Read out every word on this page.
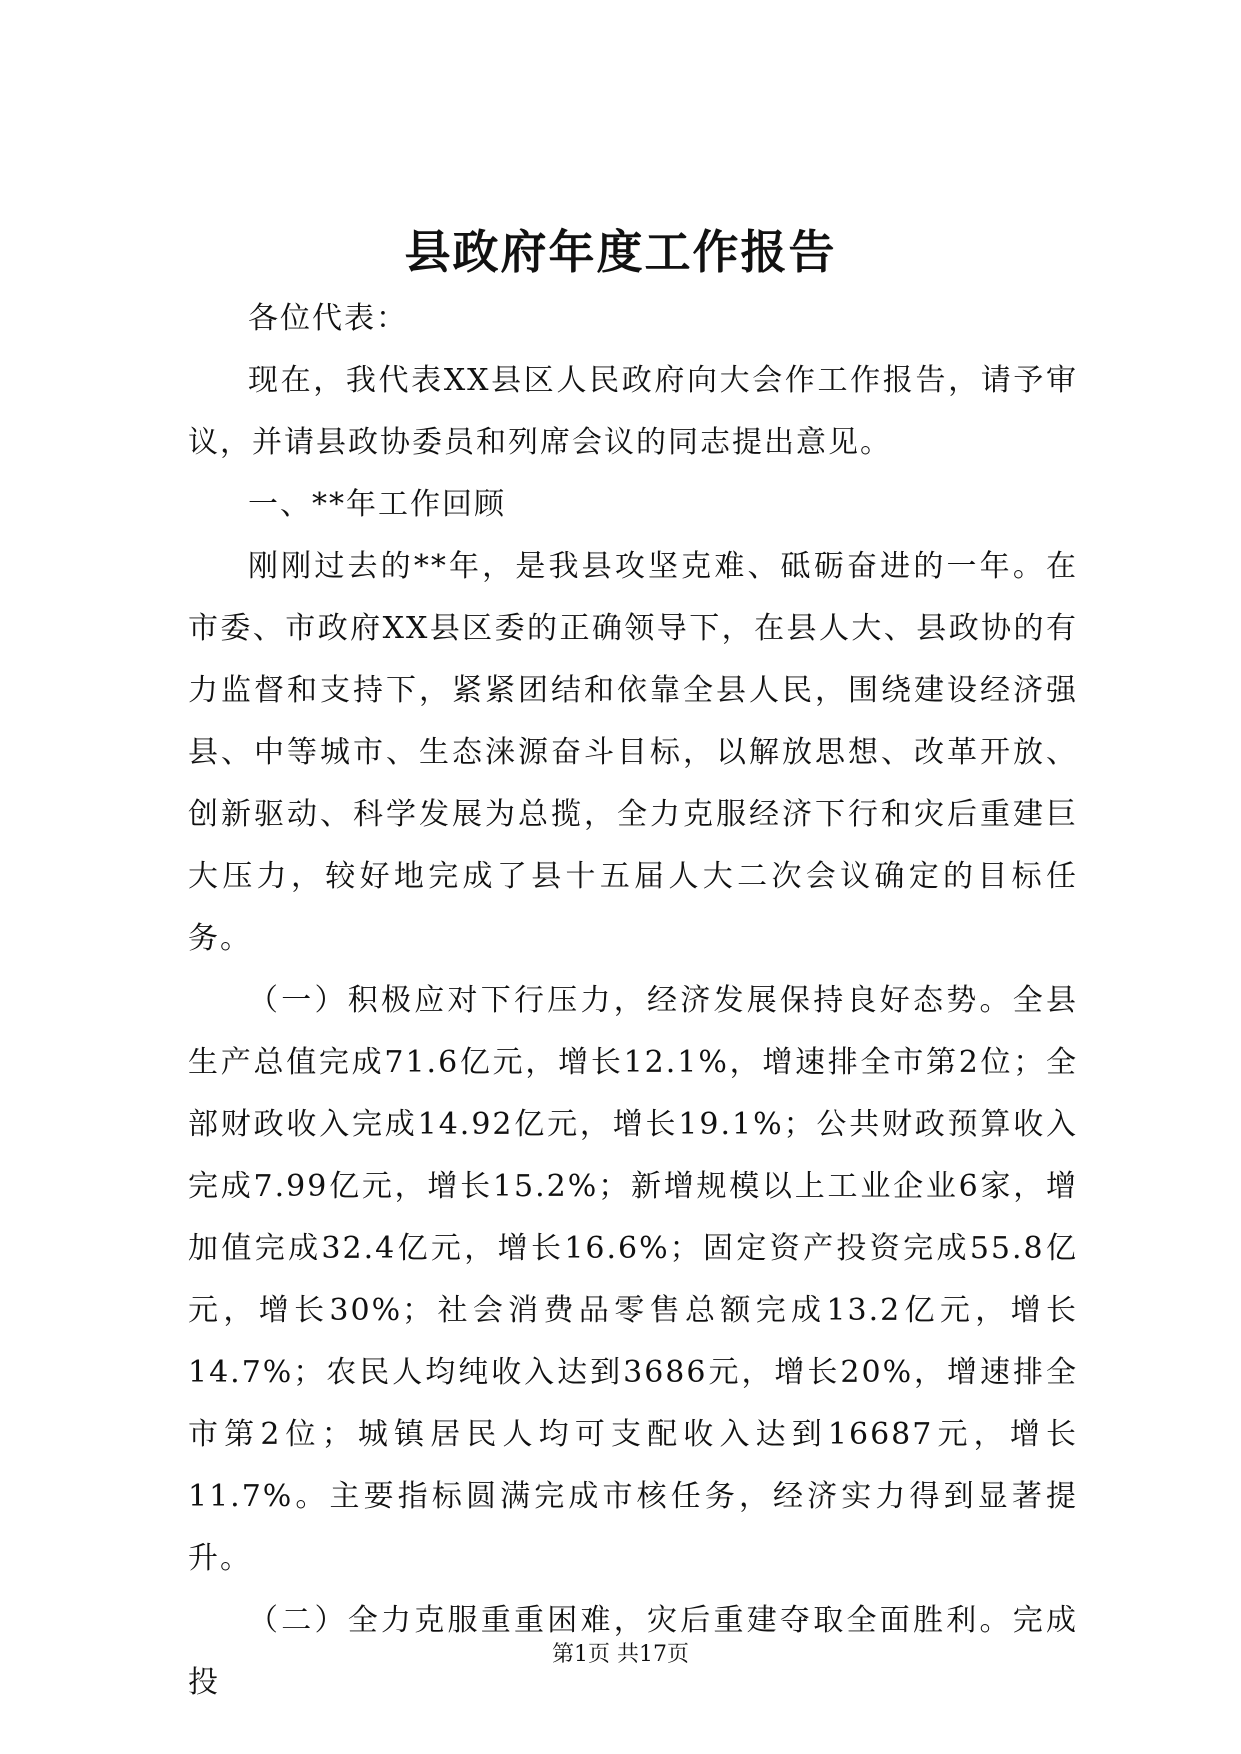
县政府年度工作报告

各位代表：

现在，我代表XX县区人民政府向大会作工作报告，请予审议，并请县政协委员和列席会议的同志提出意见。

一、**年工作回顾

刚刚过去的**年，是我县攻坚克难、砥砺奋进的一年。在市委、市政府XX县区委的正确领导下，在县人大、县政协的有力监督和支持下，紧紧团结和依靠全县人民，围绕建设经济强县、中等城市、生态涞源奋斗目标，以解放思想、改革开放、创新驱动、科学发展为总揽，全力克服经济下行和灾后重建巨大压力，较好地完成了县十五届人大二次会议确定的目标任务。

（一）积极应对下行压力，经济发展保持良好态势。全县生产总值完成71.6亿元，增长12.1%，增速排全市第2位；全部财政收入完成14.92亿元，增长19.1%；公共财政预算收入完成7.99亿元，增长15.2%；新增规模以上工业企业6家，增加值完成32.4亿元，增长16.6%；固定资产投资完成55.8亿元，增长30%；社会消费品零售总额完成13.2亿元，增长14.7%；农民人均纯收入达到3686元，增长20%，增速排全市第2位；城镇居民人均可支配收入达到16687元，增长11.7%。主要指标圆满完成市核任务，经济实力得到显著提升。

（二）全力克服重重困难，灾后重建夺取全面胜利。完成投

第1页 共17页
